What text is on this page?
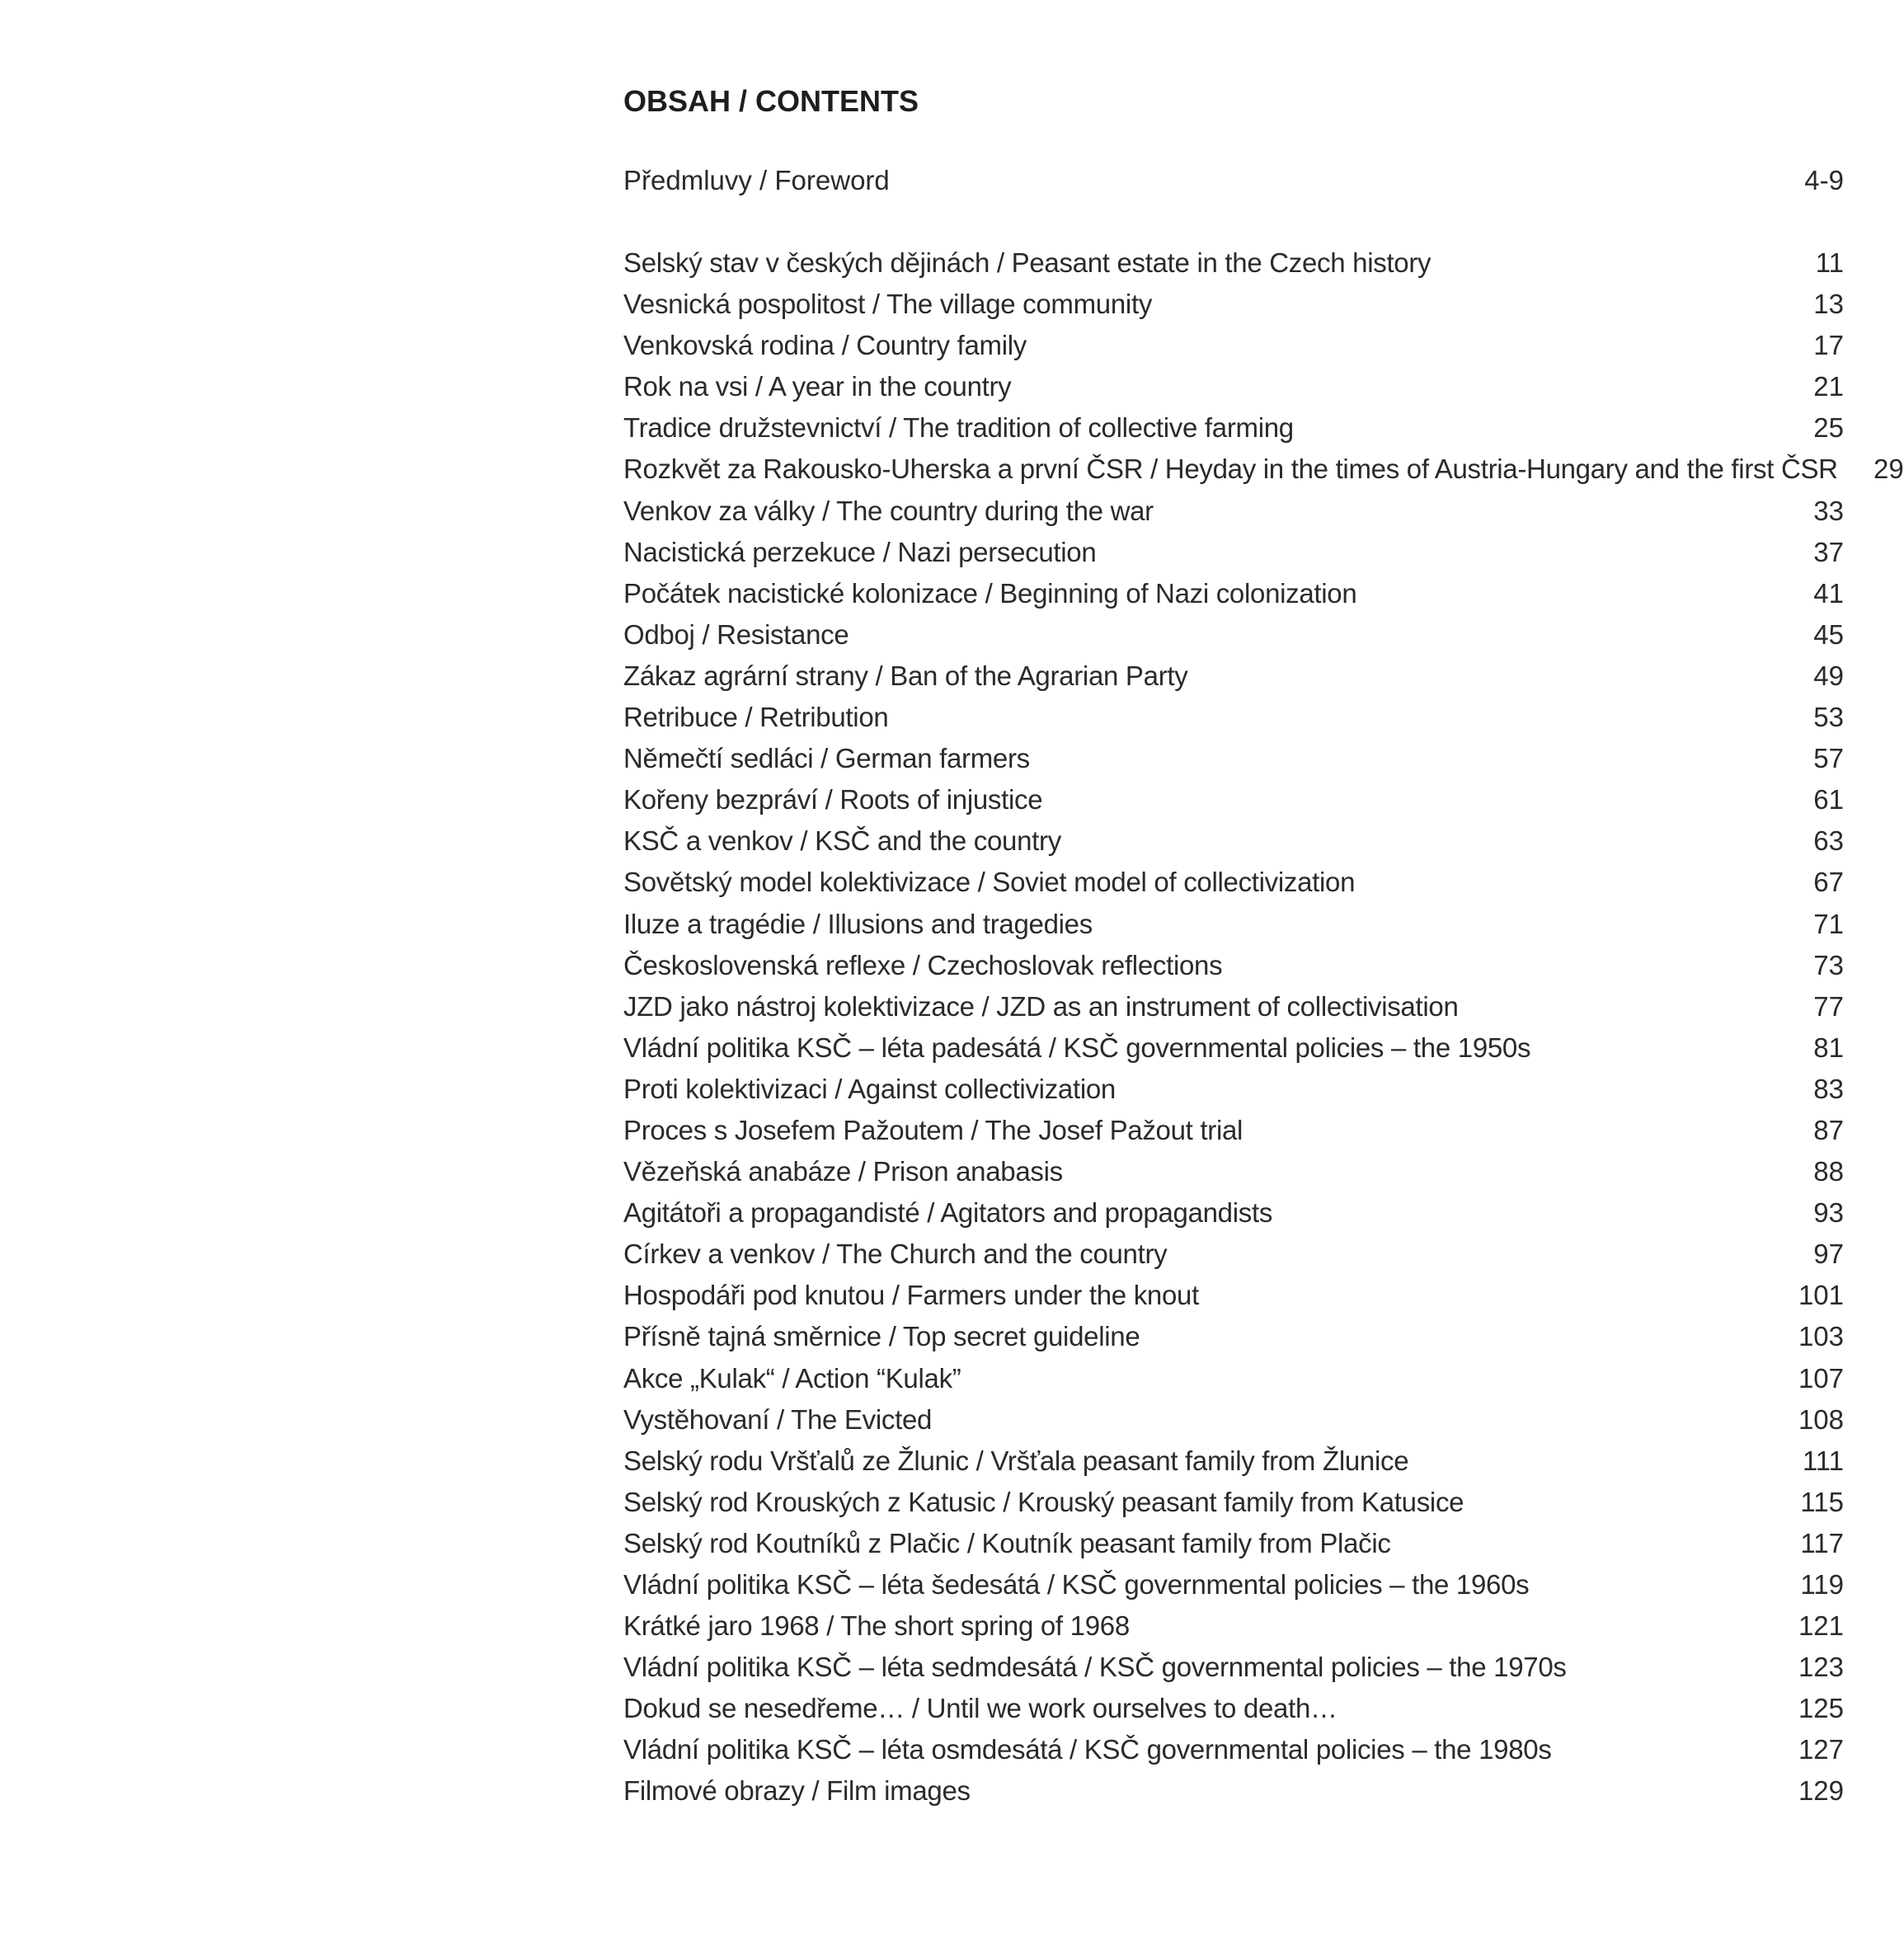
OBSAH / CONTENTS
Předmluvy / Foreword	4-9
Selský stav v českých dějinách / Peasant estate in the Czech history	11
Vesnická pospolitost / The village community	13
Venkovská rodina / Country family	17
Rok na vsi / A year in the country	21
Tradice družstevnictví / The tradition of collective farming	25
Rozkvět za Rakousko-Uherska a první ČSR / Heyday in the times of Austria-Hungary and the first ČSR	29
Venkov za války / The country during the war	33
Nacistická perzekuce / Nazi persecution	37
Počátek nacistické kolonizace / Beginning of Nazi colonization	41
Odboj / Resistance	45
Zákaz agrární strany / Ban of the Agrarian Party	49
Retribuce / Retribution	53
Němečtí sedláci / German farmers	57
Kořeny bezpráví / Roots of injustice	61
KSČ a venkov / KSČ and the country	63
Sovětský model kolektivizace / Soviet model of collectivization	67
Iluze a tragédie / Illusions and tragedies	71
Československá reflexe / Czechoslovak reflections	73
JZD jako nástroj kolektivizace / JZD as an instrument of collectivisation	77
Vládní politika KSČ – léta padesátá / KSČ governmental policies – the 1950s	81
Proti kolektivizaci / Against collectivization	83
Proces s Josefem Pažoutem / The Josef Pažout trial	87
Vězeňská anabáze / Prison anabasis	88
Agitátoři a propagandisté / Agitators and propagandists	93
Církev a venkov / The Church and the country	97
Hospodáři pod knutou / Farmers under the knout	101
Přísně tajná směrnice / Top secret guideline	103
Akce „Kulak“ / Action “Kulak”	107
Vystěhovaní / The Evicted	108
Selský rodu Vršťalů ze Žlunic / Vršťala peasant family from Žlunice	111
Selský rod Krouských z Katusic / Krouský peasant family from Katusice	115
Selský rod Koutníků z Plačic / Koutník peasant family from Plačic	117
Vládní politika KSČ – léta šedesátá / KSČ governmental policies – the 1960s	119
Krátké jaro 1968 / The short spring of 1968	121
Vládní politika KSČ – léta sedmdesátá / KSČ governmental policies – the 1970s	123
Dokud se nesedřeme… / Until we work ourselves to death…	125
Vládní politika KSČ – léta osmdesátá / KSČ governmental policies – the 1980s	127
Filmové obrazy / Film images	129
